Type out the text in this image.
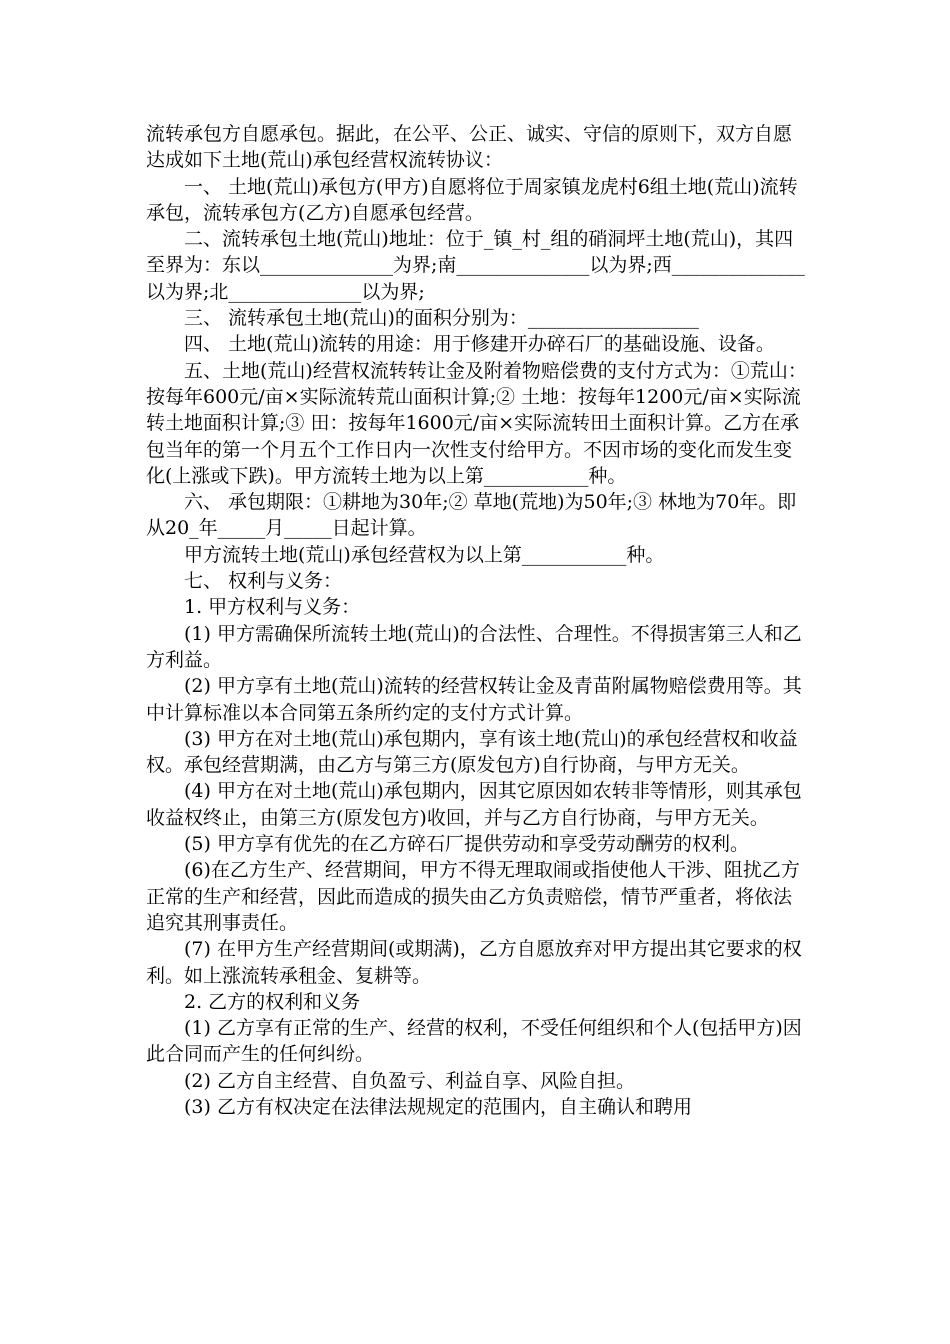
流转承包方自愿承包。据此，在公平、公正、诚实、守信的原则下，双方自愿达成如下土地(荒山)承包经营权流转协议：

一、 土地(荒山)承包方(甲方)自愿将位于周家镇龙虎村6组土地(荒山)流转承包，流转承包方(乙方)自愿承包经营。

二、流转承包土地(荒山)地址：位于_镇_村_组的硝洞坪土地(荒山)，其四至界为：东以______________为界;南______________以为界;西______________以为界;北______________以为界;

三、 流转承包土地(荒山)的面积分别为：__________________

四、 土地(荒山)流转的用途：用于修建开办碎石厂的基础设施、设备。

五、土地(荒山)经营权流转转让金及附着物赔偿费的支付方式为：①荒山：按每年600元/亩×实际流转荒山面积计算;② 土地：按每年1200元/亩×实际流转土地面积计算;③ 田：按每年1600元/亩×实际流转田土面积计算。乙方在承包当年的第一个月五个工作日内一次性支付给甲方。不因市场的变化而发生变化(上涨或下跌)。甲方流转土地为以上第___________种。

六、 承包期限：①耕地为30年;② 草地(荒地)为50年;③ 林地为70年。即从20_年_____月_____日起计算。

甲方流转土地(荒山)承包经营权为以上第___________种。

七、 权利与义务：

1. 甲方权利与义务：

(1) 甲方需确保所流转土地(荒山)的合法性、合理性。不得损害第三人和乙方利益。

(2) 甲方享有土地(荒山)流转的经营权转让金及青苗附属物赔偿费用等。其中计算标准以本合同第五条所约定的支付方式计算。

(3) 甲方在对土地(荒山)承包期内，享有该土地(荒山)的承包经营权和收益权。承包经营期满，由乙方与第三方(原发包方)自行协商，与甲方无关。

(4) 甲方在对土地(荒山)承包期内，因其它原因如农转非等情形，则其承包收益权终止，由第三方(原发包方)收回，并与乙方自行协商，与甲方无关。

(5) 甲方享有优先的在乙方碎石厂提供劳动和享受劳动酬劳的权利。

(6)在乙方生产、经营期间，甲方不得无理取闹或指使他人干涉、阻扰乙方正常的生产和经营，因此而造成的损失由乙方负责赔偿，情节严重者，将依法追究其刑事责任。

(7) 在甲方生产经营期间(或期满)，乙方自愿放弃对甲方提出其它要求的权利。如上涨流转承租金、复耕等。

2. 乙方的权利和义务

(1) 乙方享有正常的生产、经营的权利，不受任何组织和个人(包括甲方)因此合同而产生的任何纠纷。

(2) 乙方自主经营、自负盈亏、利益自享、风险自担。

(3) 乙方有权决定在法律法规规定的范围内，自主确认和聘用
